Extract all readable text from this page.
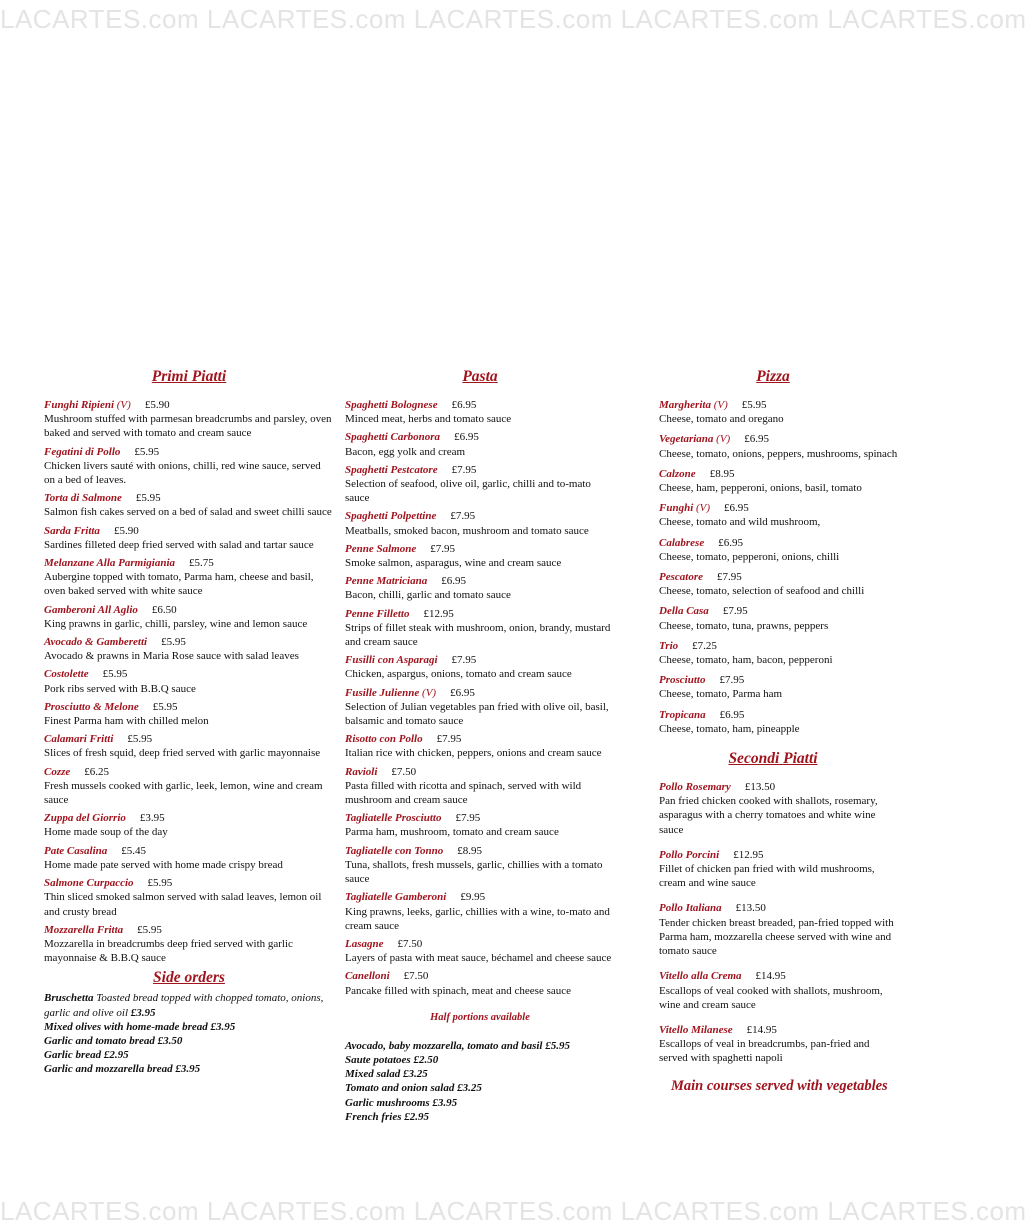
LACARTES.com LACARTES.com LACARTES.com LACARTES.com LACARTES.com
LACARTES.com LACARTES.com LACARTES.com LACARTES.com LACARTES.com
Primi Piatti
Funghi Ripieni (V) £5.90
Mushroom stuffed with parmesan breadcrumbs and parsley, oven baked and served with tomato and cream sauce
Fegatini di Pollo £5.95
Chicken livers sauté with onions, chilli, red wine sauce, served on a bed of leaves.
Torta di Salmone £5.95
Salmon fish cakes served on a bed of salad and sweet chilli sauce
Sarda Fritta £5.90
Sardines filleted deep fried served with salad and tartar sauce
Melanzane Alla Parmigiania £5.75
Aubergine topped with tomato, Parma ham, cheese and basil, oven baked served with white sauce
Gamberoni All Aglio £6.50
King prawns in garlic, chilli, parsley, wine and lemon sauce
Avocado & Gamberetti £5.95
Avocado & prawns in Maria Rose sauce with salad leaves
Costolette £5.95
Pork ribs served with B.B.Q sauce
Prosciutto & Melone £5.95
Finest Parma ham with chilled melon
Calamari Fritti £5.95
Slices of fresh squid, deep fried served with garlic mayonnaise
Cozze £6.25
Fresh mussels cooked with garlic, leek, lemon, wine and cream sauce
Zuppa del Giorrio £3.95
Home made soup of the day
Pate Casalina £5.45
Home made pate served with home made crispy bread
Salmone Curpaccio £5.95
Thin sliced smoked salmon served with salad leaves, lemon oil and crusty bread
Mozzarella Fritta £5.95
Mozzarella in breadcrumbs deep fried served with garlic mayonnaise & B.B.Q sauce
Side orders
Bruschetta Toasted bread topped with chopped tomato, onions, garlic and olive oil £3.95
Mixed olives with home-made bread £3.95
Garlic and tomato bread £3.50
Garlic bread £2.95
Garlic and mozzarella bread £3.95
Pasta
Spaghetti Bolognese £6.95
Minced meat, herbs and tomato sauce
Spaghetti Carbonora £6.95
Bacon, egg yolk and cream
Spaghetti Pestcatore £7.95
Selection of seafood, olive oil, garlic, chilli and to-mato sauce
Spaghetti Polpettine £7.95
Meatballs, smoked bacon, mushroom and tomato sauce
Penne Salmone £7.95
Smoke salmon, asparagus, wine and cream sauce
Penne Matriciana £6.95
Bacon, chilli, garlic and tomato sauce
Penne Filletto £12.95
Strips of fillet steak with mushroom, onion, brandy, mustard and cream sauce
Fusilli con Asparagi £7.95
Chicken, aspargus, onions, tomato and cream sauce
Fusille Julienne (V) £6.95
Selection of Julian vegetables pan fried with olive oil, basil, balsamic and tomato sauce
Risotto con Pollo £7.95
Italian rice with chicken, peppers, onions and cream sauce
Ravioli £7.50
Pasta filled with ricotta and spinach, served with wild mushroom and cream sauce
Tagliatelle Prosciutto £7.95
Parma ham, mushroom, tomato and cream sauce
Tagliatelle con Tonno £8.95
Tuna, shallots, fresh mussels, garlic, chillies with a tomato sauce
Tagliatelle Gamberoni £9.95
King prawns, leeks, garlic, chillies with a wine, to-mato and cream sauce
Lasagne £7.50
Layers of pasta with meat sauce, béchamel and cheese sauce
Canelloni £7.50
Pancake filled with spinach, meat and cheese sauce
Half portions available
Avocado, baby mozzarella, tomato and basil £5.95
Saute potatoes £2.50
Mixed salad £3.25
Tomato and onion salad £3.25
Garlic mushrooms £3.95
French fries £2.95
Pizza
Margherita (V) £5.95
Cheese, tomato and oregano
Vegetariana (V) £6.95
Cheese, tomato, onions, peppers, mushrooms, spinach
Calzone £8.95
Cheese, ham, pepperoni, onions, basil, tomato
Funghi (V) £6.95
Cheese, tomato and wild mushroom,
Calabrese £6.95
Cheese, tomato, pepperoni, onions, chilli
Pescatore £7.95
Cheese, tomato, selection of seafood and chilli
Della Casa £7.95
Cheese, tomato, tuna, prawns, peppers
Trio £7.25
Cheese, tomato, ham, bacon, pepperoni
Prosciutto £7.95
Cheese, tomato, Parma ham
Tropicana £6.95
Cheese, tomato, ham, pineapple
Secondi Piatti
Pollo Rosemary £13.50
Pan fried chicken cooked with shallots, rosemary, asparagus with a cherry tomatoes and white wine sauce
Pollo Porcini £12.95
Fillet of chicken pan fried with wild mushrooms, cream and wine sauce
Pollo Italiana £13.50
Tender chicken breast breaded, pan-fried topped with Parma ham, mozzarella cheese served with wine and tomato sauce
Vitello alla Crema £14.95
Escallops of veal cooked with shallots, mushroom, wine and cream sauce
Vitello Milanese £14.95
Escallops of veal in breadcrumbs, pan-fried and served with spaghetti napoli
Main courses served with vegetables
